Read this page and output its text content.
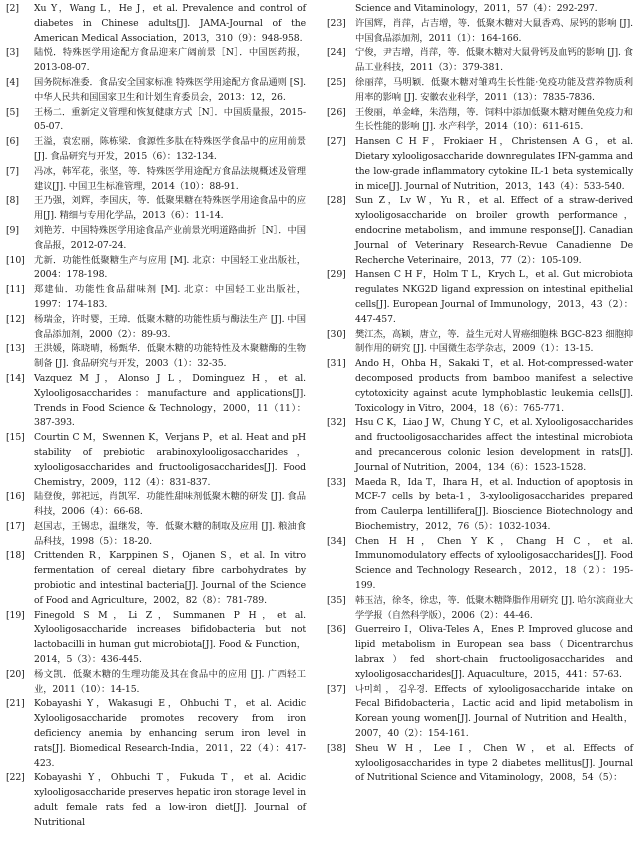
[2]	Xu Y，Wang L，He J，et al. Prevalence and control of diabetes in Chinese adults[J]. JAMA-Journal of the American Medical Association，2013，310（9）：948-958.
[3]	陆悦．特殊医学用途配方食品迎来广阔前景［N］．中国医药报，2013-08-07.
[4]	国务院标准委．食品安全国家标准 特殊医学用途配方食品通则 [S]. 中华人民共和国国家卫生和计划生育委员会，2013：12，26.
[5]	王杨二．重新定义管理和恢复健康方式［N］．中国质量报，2015-05-07.
[6]	王溢，袁宏丽，陈栋梁．食源性多肽在特殊医学食品中的应用前景[J]. 食品研究与开发，2015（6）：132-134.
[7]	冯冰，韩军花，张坚，等．特殊医学用途配方食品法规概述及管理建议[J]. 中国卫生标准管理，2014（10）：88-91.
[8]	王乃强，刘辉，李国庆，等．低聚果糖在特殊医学用途食品中的应用[J]. 精细与专用化学品，2013（6）：11-14.
[9]	刘艳芳．中国特殊医学用途食品产业前景光明道路曲折［N］．中国食品报，2012-07-24.
[10]	尤新．功能性低聚糖生产与应用 [M]. 北京：中国轻工业出版社，2004：178-198.
[11]	郑建仙．功能性食品甜味剂 [M]. 北京：中国轻工业出版社，1997：174-183.
[12]	杨瑞金，许时婴，王璋．低聚木糖的功能性质与酶法生产 [J]. 中国食品添加剂，2000（2）：89-93.
[13]	王洪媛，陈晓晴，杨甄华．低聚木糖的功能特性及木聚糖酶的生物制备 [J]. 食品研究与开发，2003（1）：32-35.
[14]	Vazquez M J，Alonso J L，Dominguez H，et al. Xylooligosaccharides：manufacture and applications[J]. Trends in Food Science & Technology，2000，11（11）：387-393.
[15]	Courtin C M，Swennen K，Verjans P，et al. Heat and pH stability of prebiotic arabinoxylooligosaccharides，xylooligosaccharides and fructooligosaccharides[J]. Food Chemistry，2009，112（4）：831-837.
[16]	陆登俊，郭祀远，肖凯军．功能性甜味剂低聚木糖的研发 [J]. 食品科技，2006（4）：66-68.
[17]	赵国志，王锡忠，温继发，等．低聚木糖的制取及应用 [J]. 粮油食品科技，1998（5）：18-20.
[18]	Crittenden R，Karppinen S，Ojanen S，et al. In vitro fermentation of cereal dietary fibre carbohydrates by probiotic and intestinal bacteria[J]. Journal of the Science of Food and Agriculture，2002，82（8）：781-789.
[19]	Finegold S M，Li Z，Summanen P H，et al. Xylooligosaccharide increases bifidobacteria but not lactobacilli in human gut microbiota[J]. Food & Function，2014，5（3）：436-445.
[20]	杨文凯．低聚木糖的生理功能及其在食品中的应用 [J]. 广西轻工业，2011（10）：14-15.
[21]	Kobayashi Y，Wakasugi E，Ohbuchi T，et al. Acidic Xylooligosaccharide promotes recovery from iron deficiency anemia by enhancing serum iron level in rats[J]. Biomedical Research-India，2011，22（4）：417-423.
[22]	Kobayashi Y，Ohbuchi T，Fukuda T，et al. Acidic xylooligosaccharide preserves hepatic iron storage level in adult female rats fed a low-iron diet[J]. Journal of Nutritional
Science and Vitaminology，2011，57（4）：292-297.
[23]	许国辉，肖萍，占吉增，等．低聚木糖对大鼠香鸡、尿钙的影响 [J]. 中国食品添加剂，2011（1）：164-166.
[24]	宁俊，尹吉增，肖萍，等．低聚木糖对大鼠骨钙及血钙的影响 [J]. 食品工业科技，2011（3）：379-381.
[25]	徐丽萍，马明颖．低聚木糖对雏鸡生长性能·免疫功能及营养物质利用率的影响 [J]. 安徽农业科学，2011（13）：7835-7836.
[26]	王俊丽，单金峰，朱浩翔，等．饲料中添加低聚木糖对鲤鱼免疫力和生长性能的影响 [J]. 水产科学，2014（10）：611-615.
[27]	Hansen C H F，Frokiaer H，Christensen A G，et al. Dietary xylooligosaccharide downregulates IFN-gamma and the low-grade inflammatory cytokine IL-1 beta systemically in mice[J]. Journal of Nutrition，2013，143（4）：533-540.
[28]	Sun Z，Lv W，Yu R，et al. Effect of a straw-derived xylooligosaccharide on broiler growth performance，endocrine metabolism，and immune response[J]. Canadian Journal of Veterinary Research-Revue Canadienne De Recherche Veterinaire，2013，77（2）：105-109.
[29]	Hansen C H F，Holm T L，Krych L，et al. Gut microbiota regulates NKG2D ligand expression on intestinal epithelial cells[J]. European Journal of Immunology，2013，43（2）：447-457.
[30]	樊江杰，高颖，唐立，等．益生元对人胃癌细胞株 BGC-823 细胞抑制作用的研究 [J]. 中国微生态学杂志，2009（1）：13-15.
[31]	Ando H，Ohba H，Sakaki T，et al. Hot-compressed-water decomposed products from bamboo manifest a selective cytotoxicity against acute lymphoblastic leukemia cells[J]. Toxicology in Vitro，2004，18（6）：765-771.
[32]	Hsu C K，Liao J W，Chung Y C，et al. Xylooligosaccharides and fructooligosaccharides affect the intestinal microbiota and precancerous colonic lesion development in rats[J]. Journal of Nutrition，2004，134（6）：1523-1528.
[33]	Maeda R，Ida T，Ihara H，et al. Induction of apoptosis in MCF-7 cells by beta-1，3-xylooligosaccharides prepared from Caulerpa lentillifera[J]. Bioscience Biotechnology and Biochemistry，2012，76（5）：1032-1034.
[34]	Chen H H，Chen Y K，Chang H C，et al. Immunomodulatory effects of xylooligosaccharides[J]. Food Science and Technology Research，2012，18（2）：195-199.
[35]	韩玉洁，徐冬，徐忠，等．低聚木糖降脂作用研究 [J]. 哈尔滨商业大学学报（自然科学版），2006（2）：44-46.
[36]	Guerreiro I，Oliva-Teles A，Enes P. Improved glucose and lipid metabolism in European sea bass（Dicentrarchus labrax）fed short-chain fructooligosaccharides and xylooligosaccharides[J]. Aquaculture，2015，441：57-63.
[37]	나미희，김우경. Effects of xylooligosaccharide intake on Fecal Bifidobacteria，Lactic acid and lipid metabolism in Korean young women[J]. Journal of Nutrition and Health，2007，40（2）：154-161.
[38]	Sheu W H，Lee I，Chen W，et al. Effects of xylooligosaccharides in type 2 diabetes mellitus[J]. Journal of Nutritional Science and Vitaminology，2008，54（5）：
